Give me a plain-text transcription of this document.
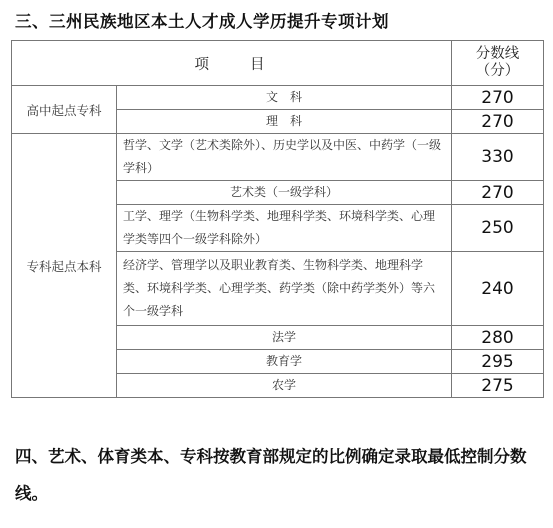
三、三州民族地区本土人才成人学历提升专项计划
项　　目		分数线
（分）

高中起点专科	文　科	270
	理　科	270
专科起点本科	哲学、文学（艺术类除外）、历史学以及中医、中药学（一级学科）	330
	艺术类（一级学科）	270
	工学、理学（生物科学类、地理科学类、环境科学类、心理学类等四个一级学科除外）	250
	经济学、管理学以及职业教育类、生物科学类、地理科学类、环境科学类、心理学类、药学类（除中药学类外）等六个一级学科	240
	法学	280
	教育学	295
	农学	275
四、艺术、体育类本、专科按教育部规定的比例确定录取最低控制分数线。
